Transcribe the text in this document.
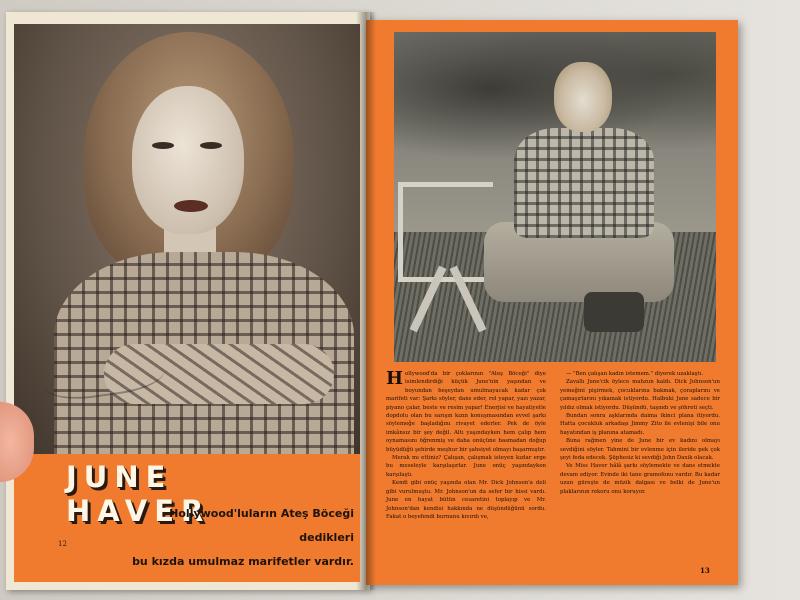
JUNE HAVER
Hollywood'luların Ateş Böceği dedikleri
bu kızda umulmaz marifetler vardır.
12

Hollywood'da bir çoklarının "Ateş Böceği" diye isimlendirdiği küçük June'nin yaşından ve boyundan beşeydan umulmayacak kadar çok marifeti var: Şarkı söyler, dans eder, rol yapar, yazı yazar, piyano çalar, beste ve resim yapar! Enerjisi ve hayatiyetle dopdolu olan bu sarışın kızın konuşmasından evvel şarkı söylemeğe başladığını rivayet ederler. Pek de öyle imkânsız bir şey değil. Altı yaşındayken hem çalıp hem oynamasını öğrenmiş ve daha onüçüne basmadan doğup büyüdüğü şehirde meşhur bir şahsiyet olmayı başarmıştır.

Merak mı ettiniz? Çalışan, çalışmak isteyen kızlar erge bu meseleyle karşılaşırlar. June onüç yaşındayken karşılaştı.

Kendi gibi onüç yaşında olan Mr. Dick Johnson'a deli gibi vurulmuştu. Mr. Johnson'un da sefer bir hissi vardı. June en hayat bütün cesaretini toplayıp ve Mr. Johnson'dan kendisi hakkında ne düşündüğünü sordu. Fakat o beyefendi burnunu kıvırdı ve,

— "Ben çalışan kadın istemem." diyerek uzaklaştı.

Zavallı June'cik öylece mahzun kaldı. Dick Johnson'un yemeğini pişirmek, çocuklarına bakmak, çoraplarını ve çamaşırlarını yıkamak istiyordu. Halbuki June sadece bir yıldız olmak istiyordu. Düşündü, taşındı ve şöhreti seçti.

Bundan sonra aşklarında daima ikinci plana itiyordu. Hatta çocukluk arkadaşı Jimmy Zito ile evlenişi bile onu hayatından iş planına atamadı.

Buna rağmen yine de June bir ev kadını olmayı sevdiğini söyler. Tahmini bir evlenme için ileride pek çok şeyi feda edecek. Şüphesiz ki sevdiği John Daxik olacak.

Ve Miss Haver hâlâ şarkı söylemekte ve dans etmekte devam ediyor. Evinde iki tane gramofonu vardır. Bu kadar uzun güreşte de müzik dalgası ve belki de June'un plaklarının rekoru onu koruyor.

13
